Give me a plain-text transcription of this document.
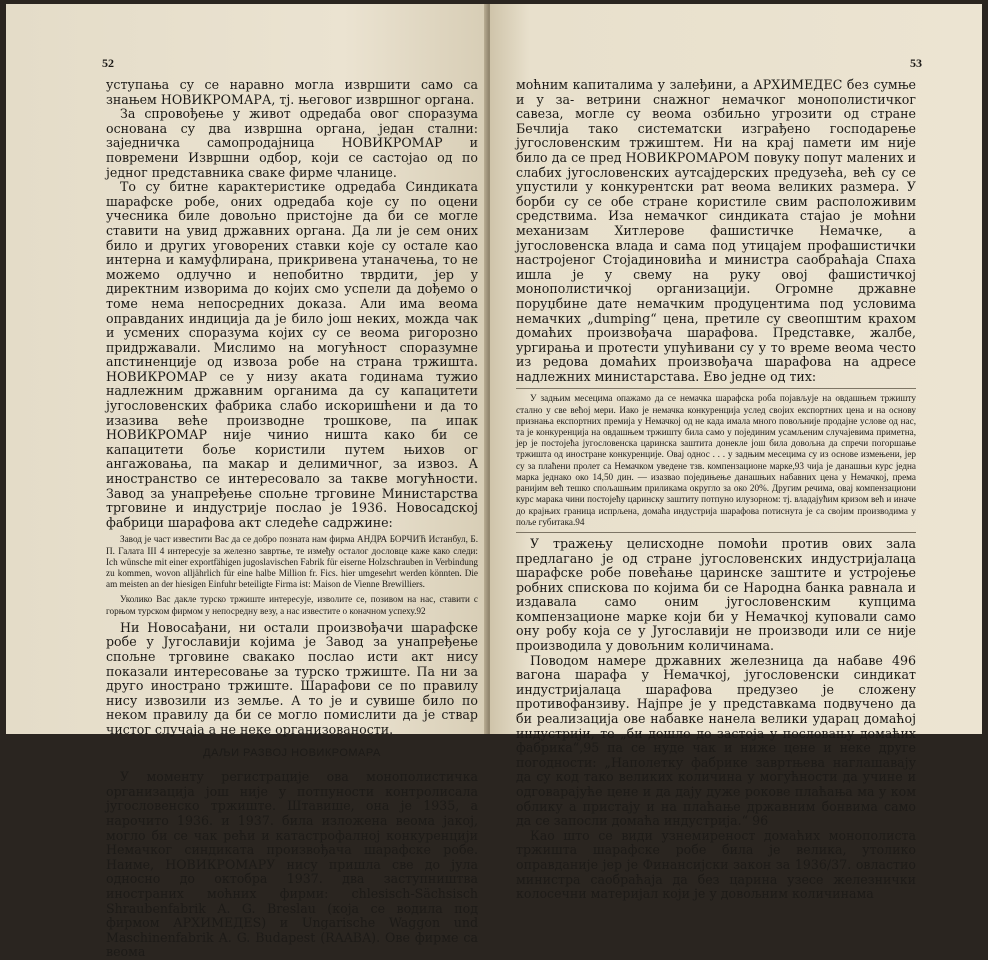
52

уступања су се наравно могла извршити само са знањем НОВИКРОМАРА, тј. његовог извршног органа.

За спровођење у живот одредаба овог споразума основана су два извршна органа, један стални: заједничка самопродајница НОВИКРОМАР и повремени Извршни одбор, који се састојао од по једног представника сваке фирме чланице.

То су битне карактеристике одредаба Синдиката шарафске робе, оних одредаба које су по оцени учесника биле довољно пристојне да би се могле ставити на увид државних органа. Да ли је сем оних било и других уговорених ставки које су остале као интерна и камуфлирана, прикривена утаначења, то не можемо одлучно и непобитно тврдити, јер у директним изворима до којих смо успели да дођемо о томе нема непосредних доказа. Али има веома оправданих индиција да је било још неких, можда чак и усмених споразума којих су се веома ригорозно придржавали. Мислимо на могућност споразумне апстиненције од извоза робе на страна тржишта. НОВИКРОМАР се у низу аката годинама тужио надлежним државним органима да су капацитети југословенских фабрика слабо искоришћени и да то изазива веће производне трошкове, па ипак НОВИКРОМАР није чинио ништа како би се капацитети боље користили путем њихов ог ангажовања, па макар и делимичног, за извоз. А иностранство се интересовало за такве могућности. Завод за унапређење спољне трговине Министарства трговине и индустрије послао је 1936. Новосадској фабрици шарафова акт следеће садржине:

Завод је част известити Вас да се добро позната нам фирма АНДРА БОРЧИЋ Истанбул, Б. П. Галата III 4 интересује за железно завртње, те између осталог дословце каже како следи: Ich wünsche mit einer exportfähigen jugoslavischen Fabrik für eiserne Holzschrauben in Verbindung zu kommen, wovon alljährlich für eine halbe Million fr. Fics. hier umgesehrt werden könnten. Die am meisten an der hiesigen Einfuhr beteiligte Firma ist: Maison de Vienne Brewilliers.

Уколико Вас дакле турско тржиште интересује, изволите се, позивом на нас, ставити с горњом турском фирмом у непосредну везу, а нас известите о коначном успеху.92

Ни Новосађани, ни остали произвођачи шарафске робе у Југославији којима је Завод за унапређење спољне трговине свакако послао исти акт нису показали интересовање за турско тржиште. Па ни за друго иностранo тржиште. Шарафови се по правилу нису извозили из земље. А то је и сувише било по неком правилу да би се могло помислити да је ствар чистог случаја а не неке организованости.

ДАЉИ РАЗВОЈ НОВИКРОМАРА

У моменту регистрације ова монополистичка организација још није у потпуности контролисала југословенско тржиште. Штавише, она је 1935, а нарочито 1936. и 1937. била изложена веома јакој, могло би се чак рећи и катастрофалној конкуренцији Немачког синдиката произвођача шарафске робе. Наиме, НОВИКРОМАРУ нису пришла све до јула односно до октобра 1937. два заступништва иностраних моћних фирми: chlesisch-Sächsisch Shraubenfabrik A. G. Breslau (која се водила под фирмом АРХИМЕДЕS) и Ungarische Waggon und Maschinenfabrik A. G. Budapest (RAABA). Ове фирме са веома

53

моћним капиталима у залеђини, а АРХИМЕДЕС без сумње и у за- ветрини снажног немачког монополистичког савеза, могле су веома озбиљно угрозити од стране Бечлија тако систематски изграђено господарење југословенским тржиштем. Ни на крај памети им није било да се пред НОВИКРОМАРОМ повуку попут малених и слабих југословенских аутсајдерских предузећа, већ су се упустили у конкурентски рат веома великих размера. У борби су се обе стране користиле свим расположивим средствима. Иза немачког синдиката стајао је моћни механизам Хитлерове фашистичке Немачке, а југословенска влада и сама под утицајем профашистички настројеног Стојадиновића и министра саобраћаја Спаха ишла је у свему на руку овој фашистичкој монополистичкој организацији. Огромне државне поруџбине дате немачким продуцентима под условима немачких „dumping“ цена, претиле су свеопштим крахом домаћих произвођача шарафова. Представке, жалбе, ургирања и протести упућивани су у то време веома често из редова домаћих произвођача шарафова на адресе надлежних министарстава. Ево једне од тих:

У задњим месецима опажамо да се немачка шарафска роба појављује на овдашњем тржишту стално у све већој мери. Иако је немачка конкуренција услед својих експортних цена и на основу признања експортних премија у Немачкој од не када имала много повољније продајне услове од нас, та је конкуренција на овдашњем тржишту била само у појединим усамљеним случајевима приметна, јер је постојећа југословенска царинска заштита донекле још била довољна да спречи погоршање тржишта од иностране конкуренције. Овај однос . . . у задњим месецима су из основе измењени, јер су за плаћени пролет са Немачком уведене тзв. компензационе марке,93 чија је данашњи курс једна марка једнако око 14,50 дин. — изазвао поједињење данашњих набавних цена у Немачкој, према ранијим већ тешко спољашњим приликама округло за око 20%. Другим речима, овај компензациони курс марака чини постојећу царинску заштиту потпуно илузорном: тј. владајућим кризом већ и иначе до крајњих граница испрљена, домаћа индустрија шарафова потиснута је са својим производима у поље губитака.94

У тражењу целисходне помоћи против ових зала предлагано је од стране југословенских индустријалаца шарафске робе повећање царинске заштите и устројење робних спискова по којима би се Народна банка равнала и издавала само оним југословенским купцима компензационе марке који би у Немачкој куповали само ону робу која се у Југославији не производи или се није производила у довољним количинама.

Поводом намере државних железница да набаве 496 вагона шарафа у Немачкој, југословенски синдикат индустријалаца шарафова предузео је сложену противофанзиву. Најпре је у представкама подвучено да би реализација ове набавке нанела велики ударац домаћој индустрији, те „би дошло до застоја у пословању домаћих фабрика“,95 па се нуде чак и ниже цене и неке друге погодности: „Наполетку фабрике завртњева наглашавају да су код тако великих количина у могућности да учине и одговарајуће цене и да дају дуже рокове плаћања ма у ком облику а пристају и на плаћање државним бонвима само да се запосли домаћа индустрија.“ 96

Као што се види узнемиреност домаћих монополиста тржишта шарафске робе била је велика, утолико оправданије јер је Финансијски закон за 1936/37. овластио министра саобраћаја да без царина узесе железнички колосечни материјал који је у довољним количинама
